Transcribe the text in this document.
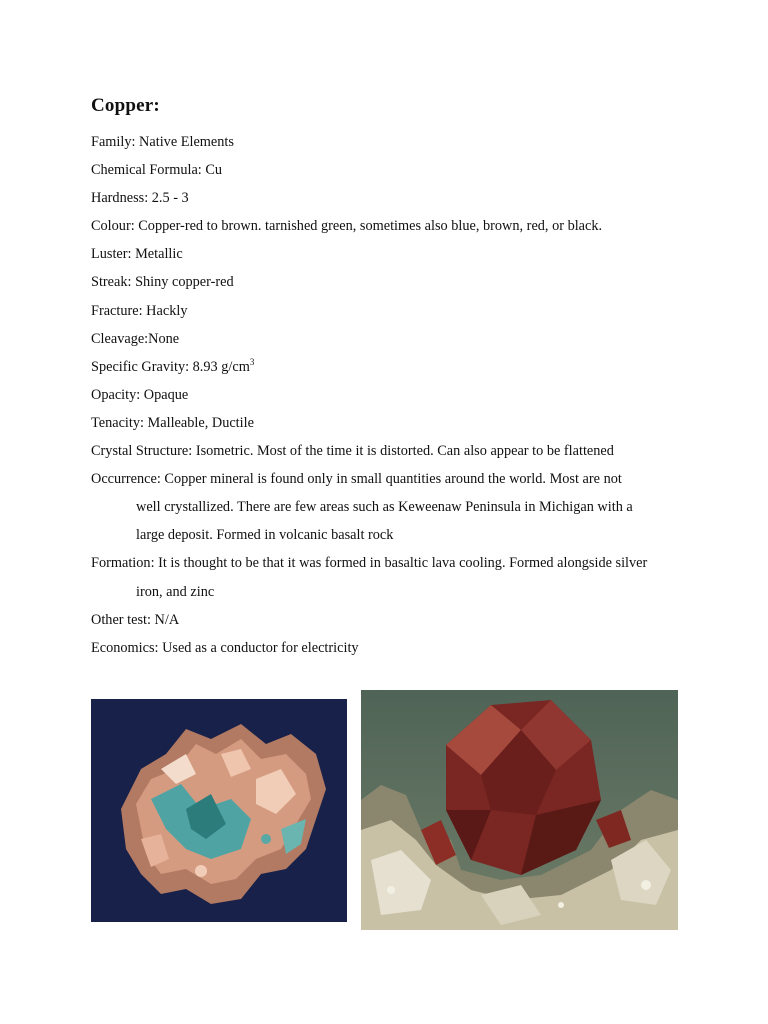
Copper:
Family: Native Elements
Chemical Formula: Cu
Hardness: 2.5 - 3
Colour: Copper-red to brown. tarnished green, sometimes also blue, brown, red, or black.
Luster: Metallic
Streak: Shiny copper-red
Fracture: Hackly
Cleavage:None
Specific Gravity: 8.93 $g/cm^3$
Opacity: Opaque
Tenacity: Malleable, Ductile
Crystal Structure: Isometric. Most of the time it is distorted. Can also appear to be flattened
Occurrence: Copper mineral is found only in small quantities around the world. Most are not
well crystallized. There are few areas such as Keweenaw Peninsula in Michigan with a
large deposit. Formed in volcanic basalt rock
Formation: It is thought to be that it was formed in basaltic lava cooling. Formed alongside silver
iron, and zinc
Other test: N/A
Economics: Used as a conductor for electricity
